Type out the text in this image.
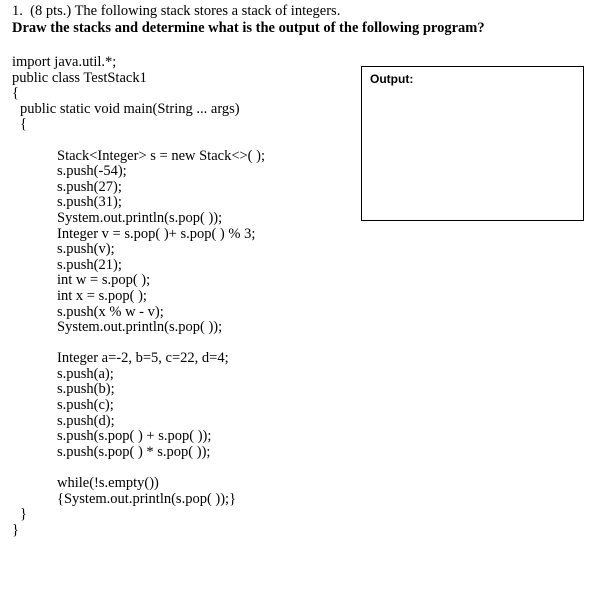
1. (8 pts.) The following stack stores a stack of integers.
Draw the stacks and determine what is the output of the following program?
import java.util.*;
public class TestStack1
{
public static void main(String ... args)
{
Stack<Integer> s = new Stack<>( );
s.push(-54);
s.push(27);
s.push(31);
System.out.println(s.pop( ));
Integer v = s.pop( )+ s.pop( ) % 3;
s.push(v);
s.push(21);
int w = s.pop( );
int x = s.pop( );
s.push(x % w - v);
System.out.println(s.pop( ));
Integer a=-2, b=5, c=22, d=4;
s.push(a);
s.push(b);
s.push(c);
s.push(d);
s.push(s.pop( ) + s.pop( ));
s.push(s.pop( ) * s.pop( ));
while(!s.empty())
{System.out.println(s.pop( ));}
}
}
Output:
